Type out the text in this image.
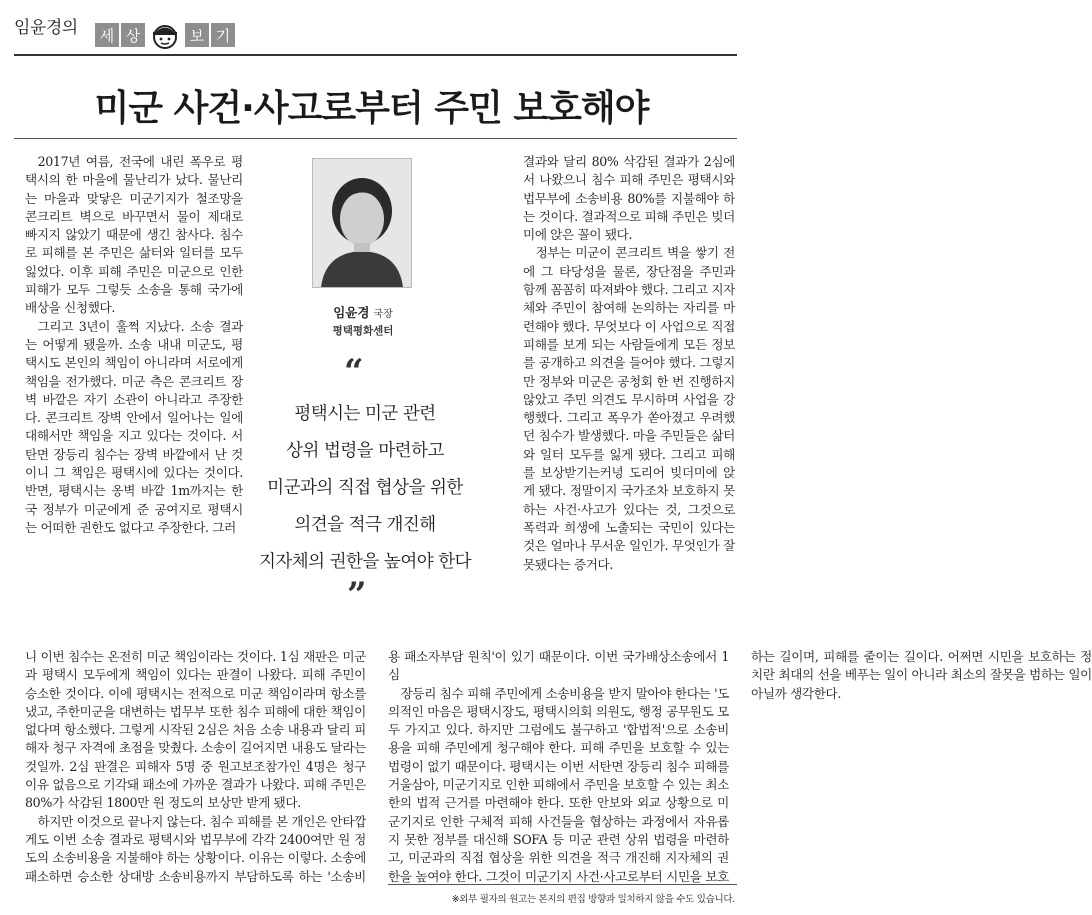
임윤경의	세 상	보 기
미군 사건·사고로부터 주민 보호해야

2017년 여름, 전국에 내린 폭우로 평택시의 한 마을에 물난리가 났다. 물난리는 마을과 맞닿은 미군기지가 철조망을 콘크리트 벽으로 바꾸면서 물이 제대로 빠지지 않았기 때문에 생긴 참사다. 침수로 피해를 본 주민은 삶터와 일터를 모두 잃었다. 이후 피해 주민은 미군으로 인한 피해가 모두 그렇듯 소송을 통해 국가에 배상을 신청했다.

그리고 3년이 훌쩍 지났다. 소송 결과는 어떻게 됐을까. 소송 내내 미군도, 평택시도 본인의 책임이 아니라며 서로에게 책임을 전가했다. 미군 측은 콘크리트 장벽 바깥은 자기 소관이 아니라고 주장한다. 콘크리트 장벽 안에서 일어나는 일에 대해서만 책임을 지고 있다는 것이다. 서탄면 장등리 침수는 장벽 바깥에서 난 것이니 그 책임은 평택시에 있다는 것이다. 반면, 평택시는 옹벽 바깥 1m까지는 한국 정부가 미군에게 준 공여지로 평택시는 어떠한 권한도 없다고 주장한다. 그러

임윤경 국장
평택평화센터
“
평택시는 미군 관련
상위 법령을 마련하고
미군과의 직접 협상을 위한
의견을 적극 개진해
지자체의 권한을 높여야 한다
”

결과와 달리 80% 삭감된 결과가 2심에서 나왔으니 침수 피해 주민은 평택시와 법무부에 소송비용 80%를 지불해야 하는 것이다. 결과적으로 피해 주민은 빚더미에 앉은 꼴이 됐다.

정부는 미군이 콘크리트 벽을 쌓기 전에 그 타당성을 물론, 장단점을 주민과 함께 꼼꼼히 따져봐야 했다. 그리고 지자체와 주민이 참여해 논의하는 자리를 마련해야 했다. 무엇보다 이 사업으로 직접 피해를 보게 되는 사람들에게 모든 정보를 공개하고 의견을 들어야 했다. 그렇지만 정부와 미군은 공청회 한 번 진행하지 않았고 주민 의견도 무시하며 사업을 강행했다. 그리고 폭우가 쏟아졌고 우려했던 침수가 발생했다. 마을 주민들은 삶터와 일터 모두를 잃게 됐다. 그리고 피해를 보상받기는커녕 도리어 빚더미에 앉게 됐다. 정말이지 국가조차 보호하지 못하는 사건·사고가 있다는 것, 그것으로 폭력과 희생에 노출되는 국민이 있다는 것은 얼마나 무서운 일인가. 무엇인가 잘못됐다는 증거다.

니 이번 침수는 온전히 미군 책임이라는 것이다. 1심 재판은 미군과 평택시 모두에게 책임이 있다는 판결이 나왔다. 피해 주민이 승소한 것이다. 이에 평택시는 전적으로 미군 책임이라며 항소를 냈고, 주한미군을 대변하는 법무부 또한 침수 피해에 대한 책임이 없다며 항소했다. 그렇게 시작된 2심은 처음 소송 내용과 달리 피해자 청구 자격에 초점을 맞췄다. 소송이 길어지면 내용도 달라는 것일까. 2심 판결은 피해자 5명 중 원고보조참가인 4명은 청구 이유 없음으로 기각돼 패소에 가까운 결과가 나왔다. 피해 주민은 80%가 삭감된 1800만 원 정도의 보상만 받게 됐다.

하지만 이것으로 끝나지 않는다. 침수 피해를 본 개인은 안타깝게도 이번 소송 결과로 평택시와 법무부에 각각 2400여만 원 정도의 소송비용을 지불해야 하는 상황이다. 이유는 이렇다. 소송에 패소하면 승소한 상대방 소송비용까지 부담하도록 하는 '소송비용 패소자부담 원칙'이 있기 때문이다. 이번 국가배상소송에서 1심

장등리 침수 피해 주민에게 소송비용을 받지 말아야 한다는 '도의적인 마음은 평택시장도, 평택시의회 의원도, 행정 공무원도 모두 가지고 있다. 하지만 그럼에도 불구하고 '합법적'으로 소송비용을 피해 주민에게 청구해야 한다. 피해 주민을 보호할 수 있는 법령이 없기 때문이다. 평택시는 이번 서탄면 장등리 침수 피해를 거울삼아, 미군기지로 인한 피해에서 주민을 보호할 수 있는 최소한의 법적 근거를 마련해야 한다. 또한 안보와 외교 상황으로 미군기지로 인한 구체적 피해 사건들을 협상하는 과정에서 자유롭지 못한 정부를 대신해 SOFA 등 미군 관련 상위 법령을 마련하고, 미군과의 직접 협상을 위한 의견을 적극 개진해 지자체의 권한을 높여야 한다. 그것이 미군기지 사건·사고로부터 시민을 보호하는 길이며, 피해를 줄이는 길이다. 어쩌면 시민을 보호하는 정치란 최대의 선을 베푸는 일이 아니라 최소의 잘못을 범하는 일이 아닐까 생각한다.

※외부 필자의 원고는 본지의 편집 방향과 일치하지 않을 수도 있습니다.
